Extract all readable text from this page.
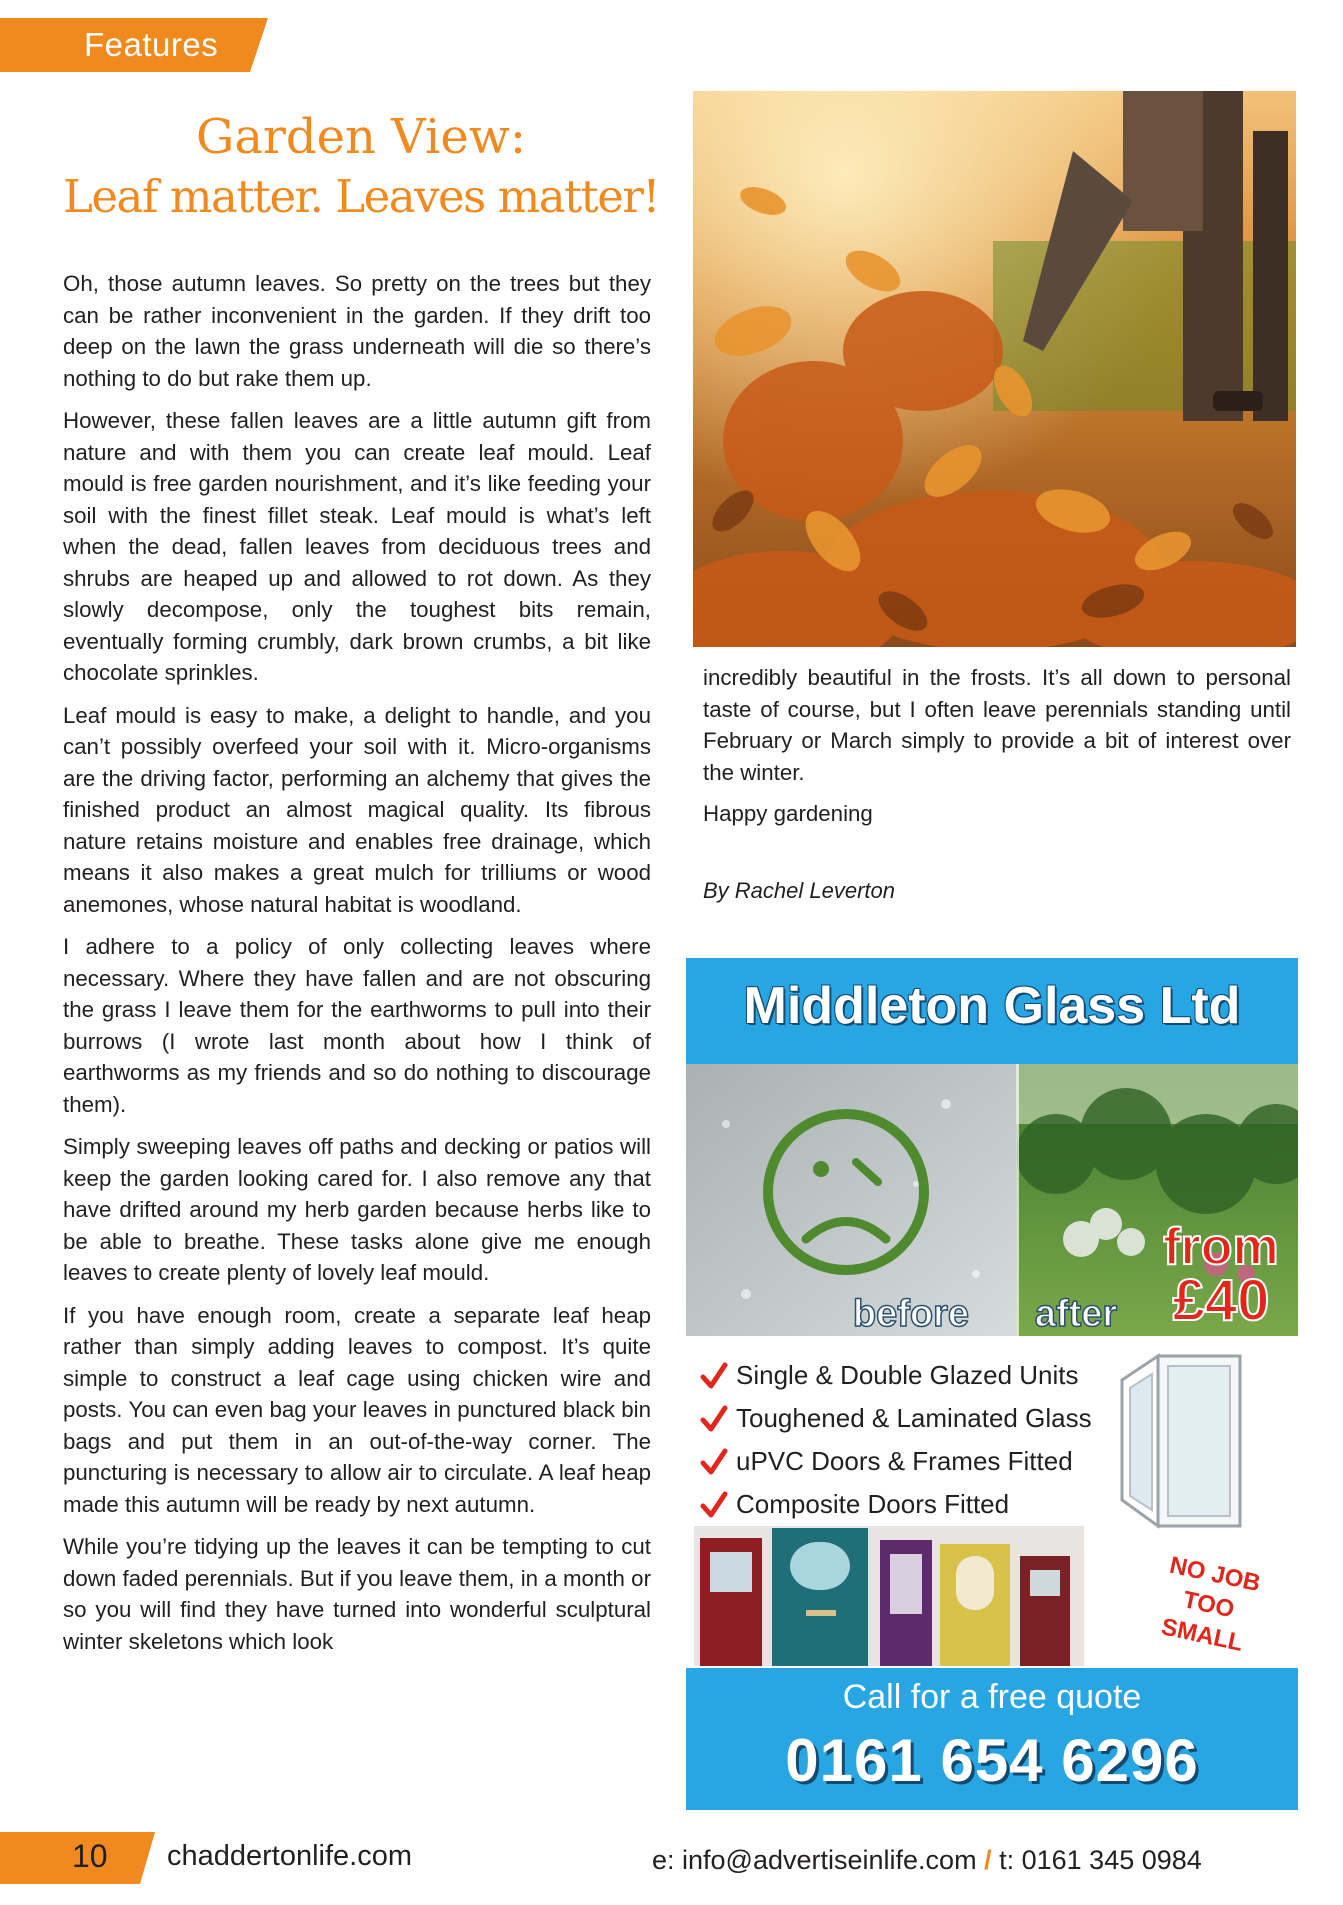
Features
Garden View:
Leaf matter. Leaves matter!

Oh, those autumn leaves. So pretty on the trees but they can be rather inconvenient in the garden. If they drift too deep on the lawn the grass underneath will die so there’s nothing to do but rake them up.

However, these fallen leaves are a little autumn gift from nature and with them you can create leaf mould. Leaf mould is free garden nourishment, and it’s like feeding your soil with the finest fillet steak. Leaf mould is what’s left when the dead, fallen leaves from deciduous trees and shrubs are heaped up and allowed to rot down. As they slowly decompose, only the toughest bits remain, eventually forming crumbly, dark brown crumbs, a bit like chocolate sprinkles.

Leaf mould is easy to make, a delight to handle, and you can’t possibly overfeed your soil with it. Micro-organisms are the driving factor, performing an alchemy that gives the finished product an almost magical quality. Its fibrous nature retains moisture and enables free drainage, which means it also makes a great mulch for trilliums or wood anemones, whose natural habitat is woodland.

I adhere to a policy of only collecting leaves where necessary. Where they have fallen and are not obscuring the grass I leave them for the earthworms to pull into their burrows (I wrote last month about how I think of earthworms as my friends and so do nothing to discourage them).

Simply sweeping leaves off paths and decking or patios will keep the garden looking cared for. I also remove any that have drifted around my herb garden because herbs like to be able to breathe. These tasks alone give me enough leaves to create plenty of lovely leaf mould.

If you have enough room, create a separate leaf heap rather than simply adding leaves to compost. It’s quite simple to construct a leaf cage using chicken wire and posts. You can even bag your leaves in punctured black bin bags and put them in an out-of-the-way corner. The puncturing is necessary to allow air to circulate. A leaf heap made this autumn will be ready by next autumn.

While you’re tidying up the leaves it can be tempting to cut down faded perennials. But if you leave them, in a month or so you will find they have turned into wonderful sculptural winter skeletons which look

incredibly beautiful in the frosts. It’s all down to personal taste of course, but I often leave perennials standing until February or March simply to provide a bit of interest over the winter.

Happy gardening

By Rachel Leverton
Middleton Glass Ltd
before after
from
£40
Single & Double Glazed Units
Toughened & Laminated Glass
uPVC Doors & Frames Fitted
Composite Doors Fitted
NO JOB
TOO
SMALL
Call for a free quote
0161 654 6296
10 chaddertonlife.com	e: info@advertiseinlife.com / t: 0161 345 0984
